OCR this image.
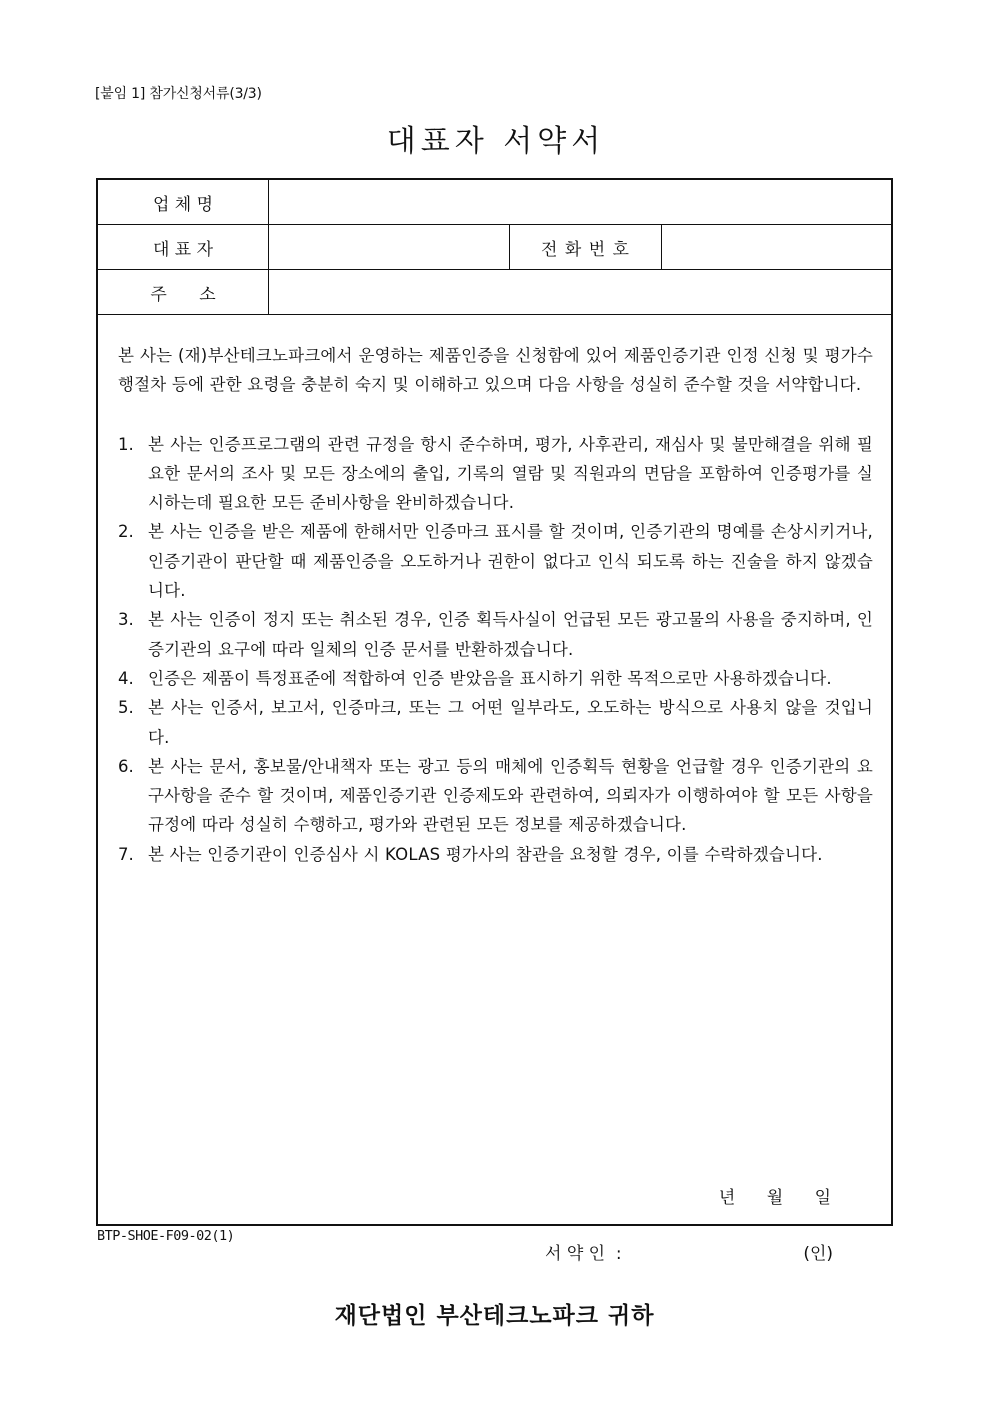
[붙임 1] 참가신청서류(3/3)
대표자 서약서
업 체 명
대 표 자	전 화 번 호
주      소

본 사는 (재)부산테크노파크에서 운영하는 제품인증을 신청함에 있어 제품인증기관 인정 신청 및 평가수행절차 등에 관한 요령을 충분히 숙지 및 이해하고 있으며 다음 사항을 성실히 준수할 것을 서약합니다.

1. 본 사는 인증프로그램의 관련 규정을 항시 준수하며, 평가, 사후관리, 재심사 및 불만해결을 위해 필요한 문서의 조사 및 모든 장소에의 출입, 기록의 열람 및 직원과의 면담을 포함하여 인증평가를 실시하는데 필요한 모든 준비사항을 완비하겠습니다.
2. 본 사는 인증을 받은 제품에 한해서만 인증마크 표시를 할 것이며, 인증기관의 명예를 손상시키거나, 인증기관이 판단할 때 제품인증을 오도하거나 권한이 없다고 인식 되도록 하는 진술을 하지 않겠습니다.
3. 본 사는 인증이 정지 또는 취소된 경우, 인증 획득사실이 언급된 모든 광고물의 사용을 중지하며, 인증기관의 요구에 따라 일체의 인증 문서를 반환하겠습니다.
4. 인증은 제품이 특정표준에 적합하여 인증 받았음을 표시하기 위한 목적으로만 사용하겠습니다.
5. 본 사는 인증서, 보고서, 인증마크, 또는 그 어떤 일부라도, 오도하는 방식으로 사용치 않을 것입니다.
6. 본 사는 문서, 홍보물/안내책자 또는 광고 등의 매체에 인증획득 현황을 언급할 경우 인증기관의 요구사항을 준수 할 것이며, 제품인증기관 인증제도와 관련하여, 의뢰자가 이행하여야 할 모든 사항을 규정에 따라 성실히 수행하고, 평가와 관련된 모든 정보를 제공하겠습니다.
7. 본 사는 인증기관이 인증심사 시 KOLAS 평가사의 참관을 요청할 경우, 이를 수락하겠습니다.
년 월 일
서 약 인  :	(인)
재단법인 부산테크노파크 귀하
BTP-SHOE-F09-02(1)
